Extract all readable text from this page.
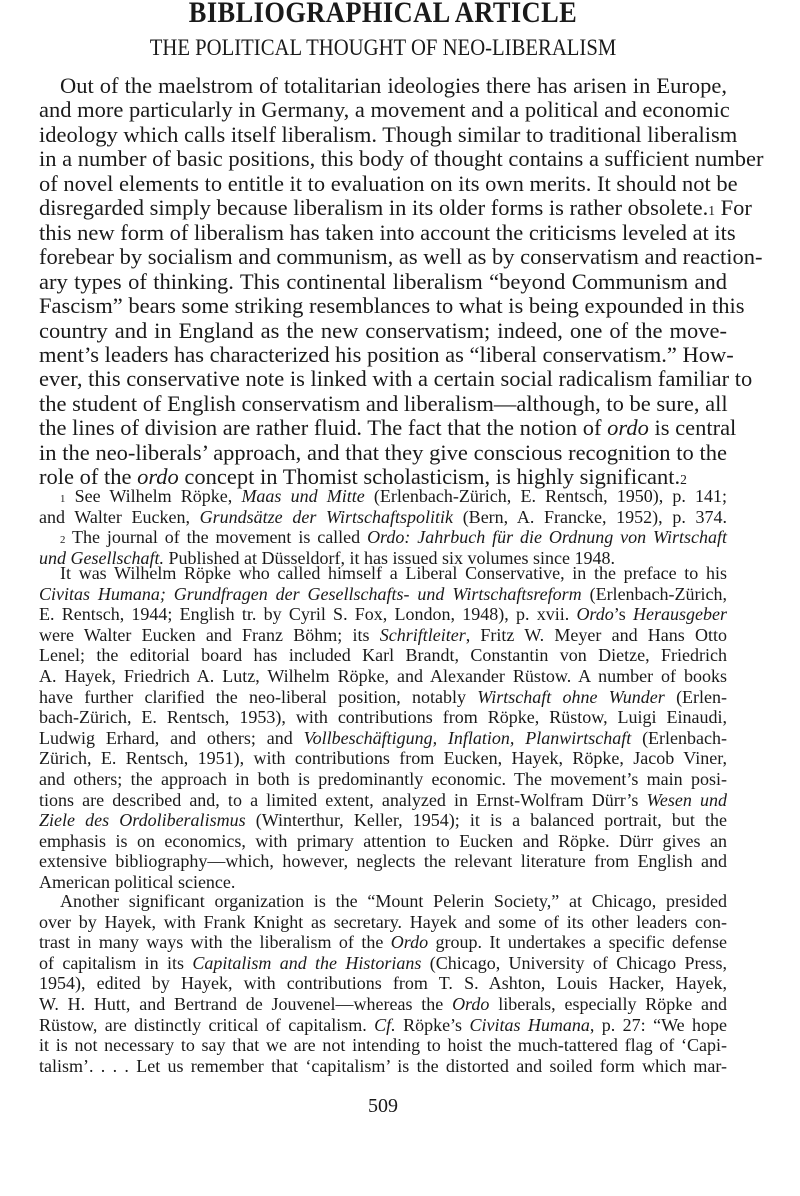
BIBLIOGRAPHICAL ARTICLE
THE POLITICAL THOUGHT OF NEO-LIBERALISM
Out of the maelstrom of totalitarian ideologies there has arisen in Europe,
and more particularly in Germany, a movement and a political and economic
ideology which calls itself liberalism. Though similar to traditional liberalism
in a number of basic positions, this body of thought contains a sufficient number
of novel elements to entitle it to evaluation on its own merits. It should not be
disregarded simply because liberalism in its older forms is rather obsolete.$^1$ For
this new form of liberalism has taken into account the criticisms leveled at its
forebear by socialism and communism, as well as by conservatism and reaction-
ary types of thinking. This continental liberalism “beyond Communism and
Fascism” bears some striking resemblances to what is being expounded in this
country and in England as the new conservatism; indeed, one of the move-
ment’s leaders has characterized his position as “liberal conservatism.” How-
ever, this conservative note is linked with a certain social radicalism familiar to
the student of English conservatism and liberalism—although, to be sure, all
the lines of division are rather fluid. The fact that the notion of ordo is central
in the neo-liberals’ approach, and that they give conscious recognition to the
role of the ordo concept in Thomist scholasticism, is highly significant.$^2$
$^1$ See Wilhelm Röpke, Maas und Mitte (Erlenbach-Zürich, E. Rentsch, 1950), p. 141;
and Walter Eucken, Grundsätze der Wirtschaftspolitik (Bern, A. Francke, 1952), p. 374.
$^2$ The journal of the movement is called Ordo: Jahrbuch für die Ordnung von Wirtschaft
und Gesellschaft. Published at Düsseldorf, it has issued six volumes since 1948.
It was Wilhelm Röpke who called himself a Liberal Conservative, in the preface to his
Civitas Humana; Grundfragen der Gesellschafts- und Wirtschaftsreform (Erlenbach-Zürich,
E. Rentsch, 1944; English tr. by Cyril S. Fox, London, 1948), p. xvii. Ordo’s Herausgeber
were Walter Eucken and Franz Böhm; its Schriftleiter, Fritz W. Meyer and Hans Otto
Lenel; the editorial board has included Karl Brandt, Constantin von Dietze, Friedrich
A. Hayek, Friedrich A. Lutz, Wilhelm Röpke, and Alexander Rüstow. A number of books
have further clarified the neo-liberal position, notably Wirtschaft ohne Wunder (Erlen-
bach-Zürich, E. Rentsch, 1953), with contributions from Röpke, Rüstow, Luigi Einaudi,
Ludwig Erhard, and others; and Vollbeschäftigung, Inflation, Planwirtschaft (Erlenbach-
Zürich, E. Rentsch, 1951), with contributions from Eucken, Hayek, Röpke, Jacob Viner,
and others; the approach in both is predominantly economic. The movement’s main posi-
tions are described and, to a limited extent, analyzed in Ernst-Wolfram Dürr’s Wesen und
Ziele des Ordoliberalismus (Winterthur, Keller, 1954); it is a balanced portrait, but the
emphasis is on economics, with primary attention to Eucken and Röpke. Dürr gives an
extensive bibliography—which, however, neglects the relevant literature from English and
American political science.
Another significant organization is the “Mount Pelerin Society,” at Chicago, presided
over by Hayek, with Frank Knight as secretary. Hayek and some of its other leaders con-
trast in many ways with the liberalism of the Ordo group. It undertakes a specific defense
of capitalism in its Capitalism and the Historians (Chicago, University of Chicago Press,
1954), edited by Hayek, with contributions from T. S. Ashton, Louis Hacker, Hayek,
W. H. Hutt, and Bertrand de Jouvenel—whereas the Ordo liberals, especially Röpke and
Rüstow, are distinctly critical of capitalism. Cf. Röpke’s Civitas Humana, p. 27: “We hope
it is not necessary to say that we are not intending to hoist the much-tattered flag of ‘Capi-
509
talism’. . . . Let us remember that ‘capitalism’ is the distorted and soiled form which mar-
